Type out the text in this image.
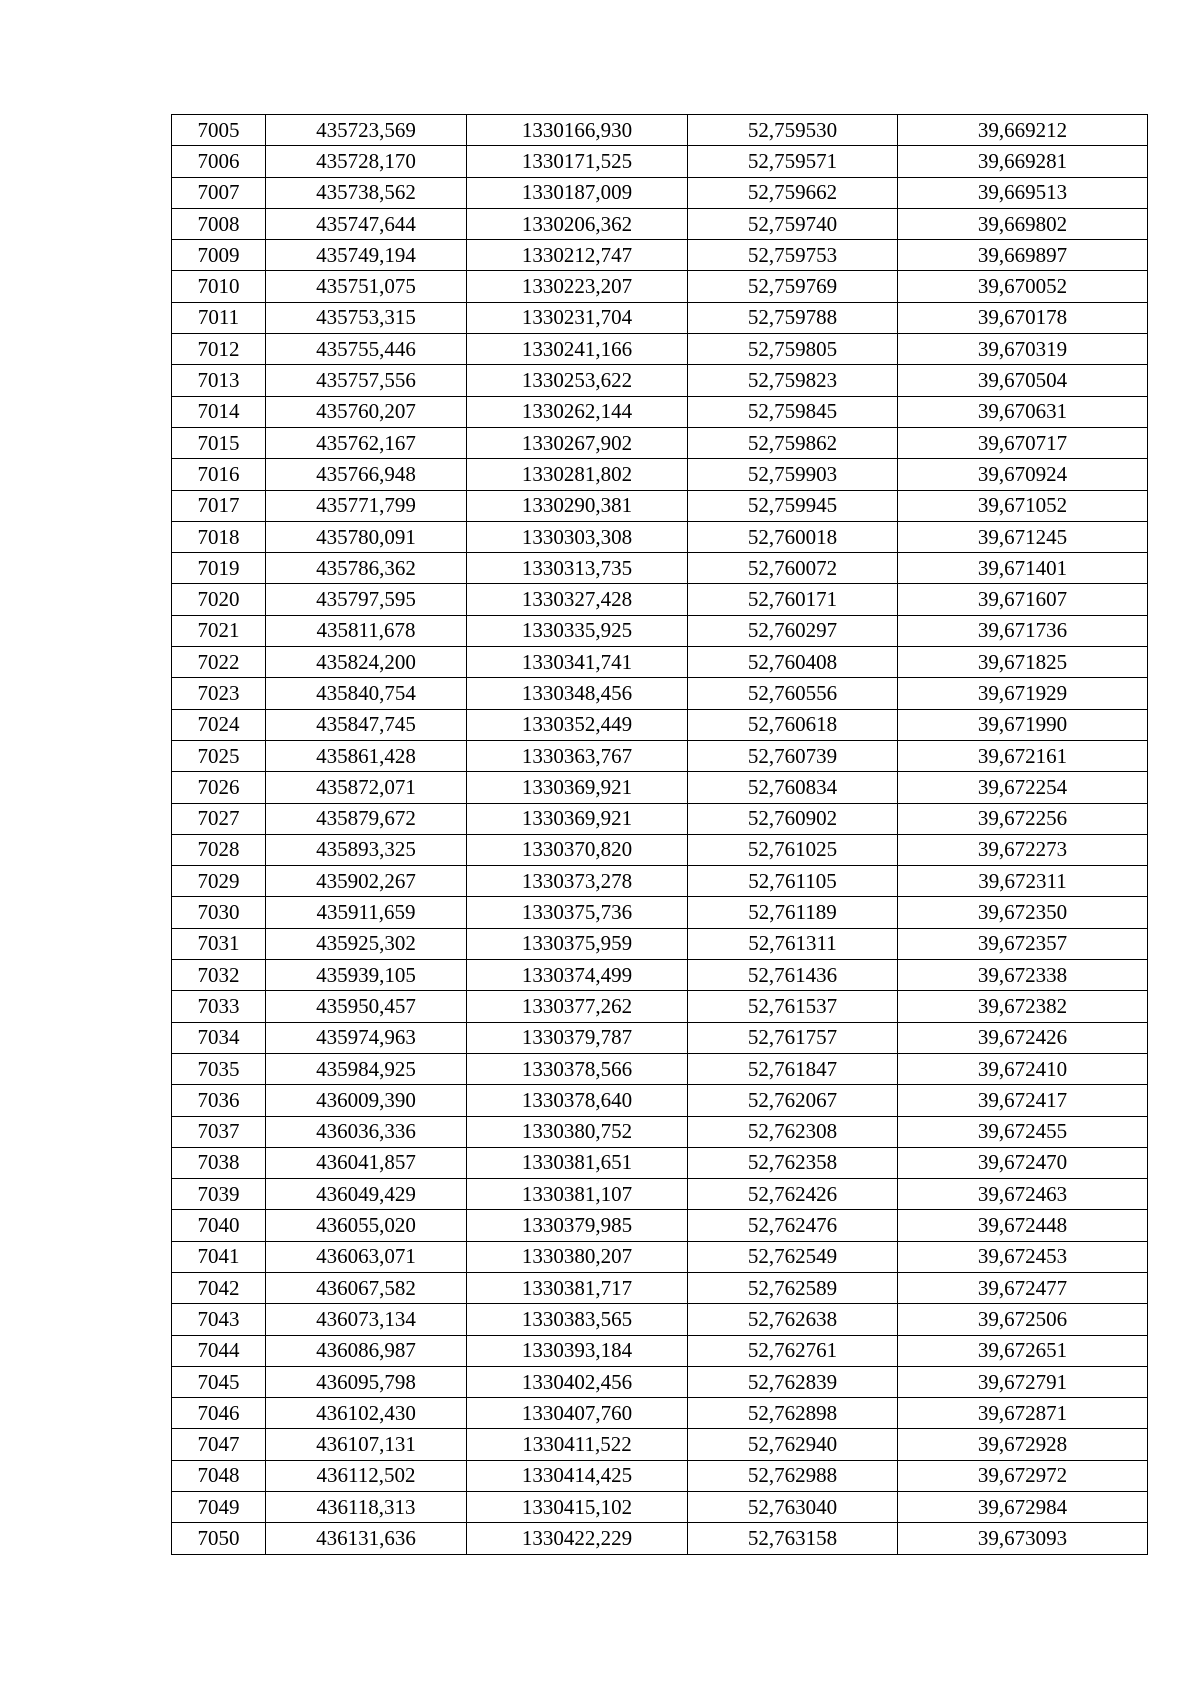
7005	435723,569	1330166,930	52,759530	39,669212
7006	435728,170	1330171,525	52,759571	39,669281
7007	435738,562	1330187,009	52,759662	39,669513
7008	435747,644	1330206,362	52,759740	39,669802
7009	435749,194	1330212,747	52,759753	39,669897
7010	435751,075	1330223,207	52,759769	39,670052
7011	435753,315	1330231,704	52,759788	39,670178
7012	435755,446	1330241,166	52,759805	39,670319
7013	435757,556	1330253,622	52,759823	39,670504
7014	435760,207	1330262,144	52,759845	39,670631
7015	435762,167	1330267,902	52,759862	39,670717
7016	435766,948	1330281,802	52,759903	39,670924
7017	435771,799	1330290,381	52,759945	39,671052
7018	435780,091	1330303,308	52,760018	39,671245
7019	435786,362	1330313,735	52,760072	39,671401
7020	435797,595	1330327,428	52,760171	39,671607
7021	435811,678	1330335,925	52,760297	39,671736
7022	435824,200	1330341,741	52,760408	39,671825
7023	435840,754	1330348,456	52,760556	39,671929
7024	435847,745	1330352,449	52,760618	39,671990
7025	435861,428	1330363,767	52,760739	39,672161
7026	435872,071	1330369,921	52,760834	39,672254
7027	435879,672	1330369,921	52,760902	39,672256
7028	435893,325	1330370,820	52,761025	39,672273
7029	435902,267	1330373,278	52,761105	39,672311
7030	435911,659	1330375,736	52,761189	39,672350
7031	435925,302	1330375,959	52,761311	39,672357
7032	435939,105	1330374,499	52,761436	39,672338
7033	435950,457	1330377,262	52,761537	39,672382
7034	435974,963	1330379,787	52,761757	39,672426
7035	435984,925	1330378,566	52,761847	39,672410
7036	436009,390	1330378,640	52,762067	39,672417
7037	436036,336	1330380,752	52,762308	39,672455
7038	436041,857	1330381,651	52,762358	39,672470
7039	436049,429	1330381,107	52,762426	39,672463
7040	436055,020	1330379,985	52,762476	39,672448
7041	436063,071	1330380,207	52,762549	39,672453
7042	436067,582	1330381,717	52,762589	39,672477
7043	436073,134	1330383,565	52,762638	39,672506
7044	436086,987	1330393,184	52,762761	39,672651
7045	436095,798	1330402,456	52,762839	39,672791
7046	436102,430	1330407,760	52,762898	39,672871
7047	436107,131	1330411,522	52,762940	39,672928
7048	436112,502	1330414,425	52,762988	39,672972
7049	436118,313	1330415,102	52,763040	39,672984
7050	436131,636	1330422,229	52,763158	39,673093
